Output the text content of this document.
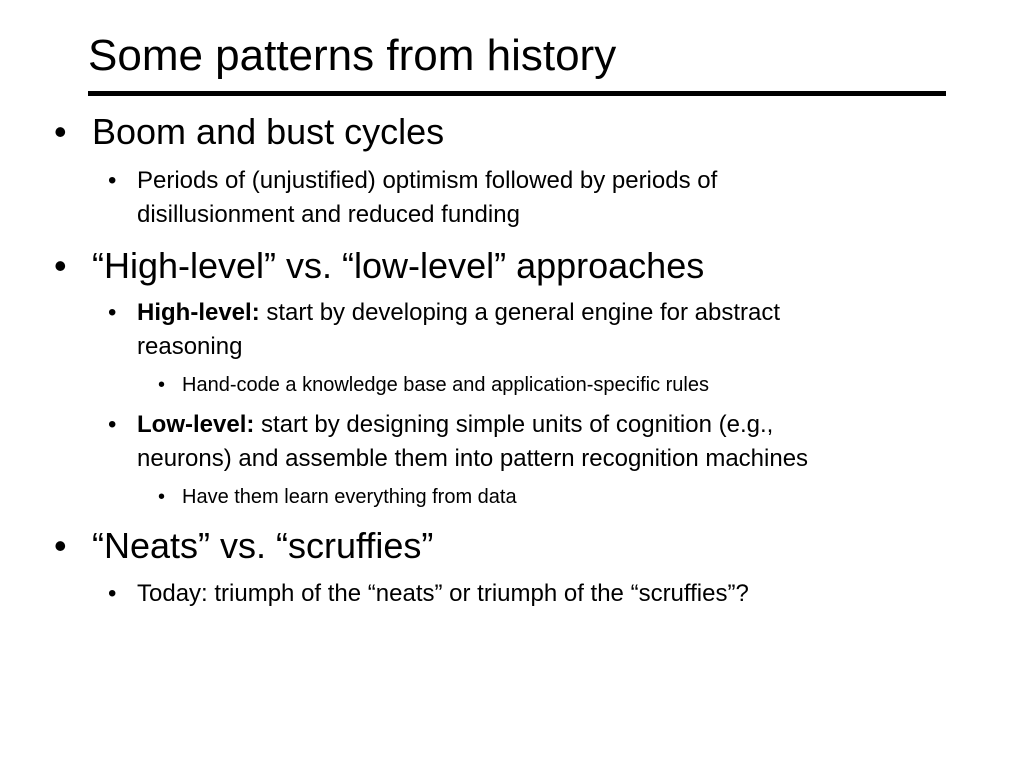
Some patterns from history
• Boom and bust cycles
• Periods of (unjustified) optimism followed by periods of
disillusionment and reduced funding
• “High-level” vs. “low-level” approaches
• High-level: start by developing a general engine for abstract
reasoning
• Hand-code a knowledge base and application-specific rules
• Low-level: start by designing simple units of cognition (e.g.,
neurons) and assemble them into pattern recognition machines
• Have them learn everything from data
• “Neats” vs. “scruffies”
• Today: triumph of the “neats” or triumph of the “scruffies”?
